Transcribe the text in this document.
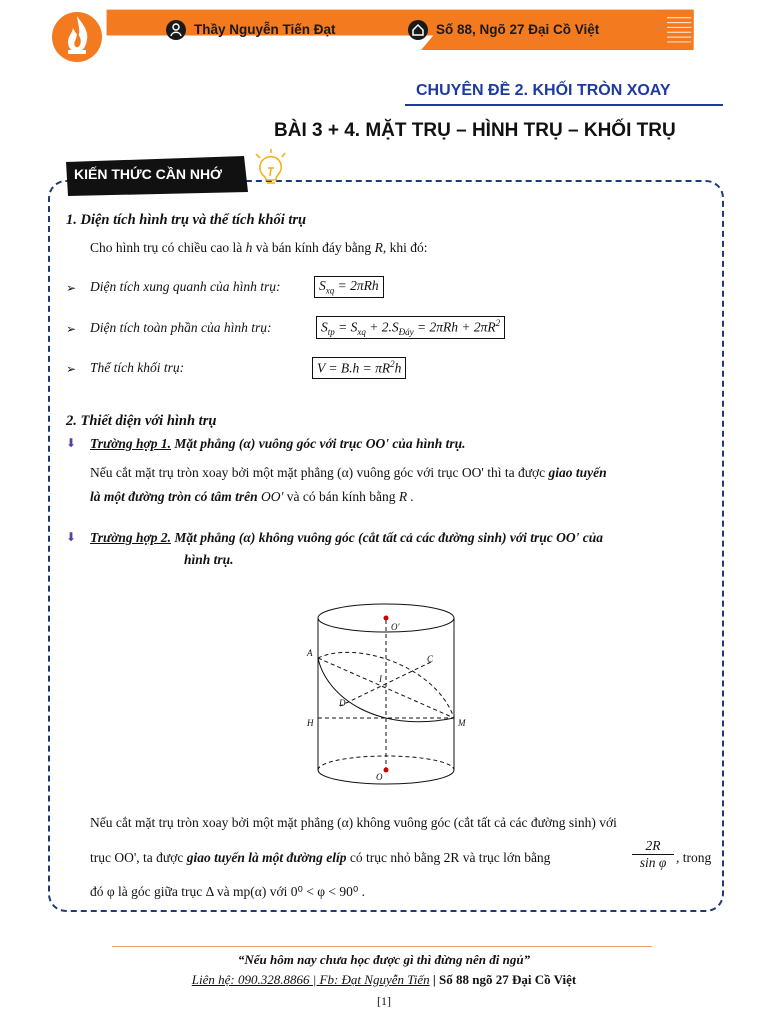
Thầy Nguyễn Tiến Đạt	Số 88, Ngõ 27 Đại Cồ Việt
Trung tâm Luyện thi Đại Cồ Việt
CHUYÊN ĐỀ 2. KHỐI TRÒN XOAY
BÀI 3 + 4. MẶT TRỤ – HÌNH TRỤ – KHỐI TRỤ
KIẾN THỨC CẦN NHỚ
1. Diện tích hình trụ và thể tích khối trụ
Cho hình trụ có chiều cao là h và bán kính đáy bằng R, khi đó:
➢ Diện tích xung quanh của hình trụ:	$S_{xq} = 2\pi Rh$
➢ Diện tích toàn phần của hình trụ:	$S_{tp} = S_{xq} + 2.S_{Đáy} = 2\pi Rh + 2\pi R^2$
➢ Thể tích khối trụ:	$V = B.h = \pi R^2h$
2. Thiết diện với hình trụ
⬇ Trường hợp 1. Mặt phẳng (α) vuông góc với trục OO' của hình trụ.
Nếu cắt mặt trụ tròn xoay bởi một mặt phẳng (α) vuông góc với trục OO' thì ta được giao tuyến
là một đường tròn có tâm trên OO' và có bán kính bằng R .
⬇ Trường hợp 2. Mặt phẳng (α) không vuông góc (cắt tất cả các đường sinh) với trục OO' của
hình trụ.
O'
A
C
I
D
H	M
O
Nếu cắt mặt trụ tròn xoay bởi một mặt phẳng (α) không vuông góc (cắt tất cả các đường sinh) với
trục OO', ta được giao tuyến là một đường elíp có trục nhỏ bằng 2R và trục lớn bằng	$\frac{2R}{\text{sin φ}}$ , trong
đó φ là góc giữa trục Δ và mp(α) với 0⁰ < φ < 90⁰ .
“Nếu hôm nay chưa học được gì thì đừng nên đi ngủ”
Liên hệ: 090.328.8866 | Fb: Đạt Nguyễn Tiến | Số 88 ngõ 27 Đại Cồ Việt
[1]
